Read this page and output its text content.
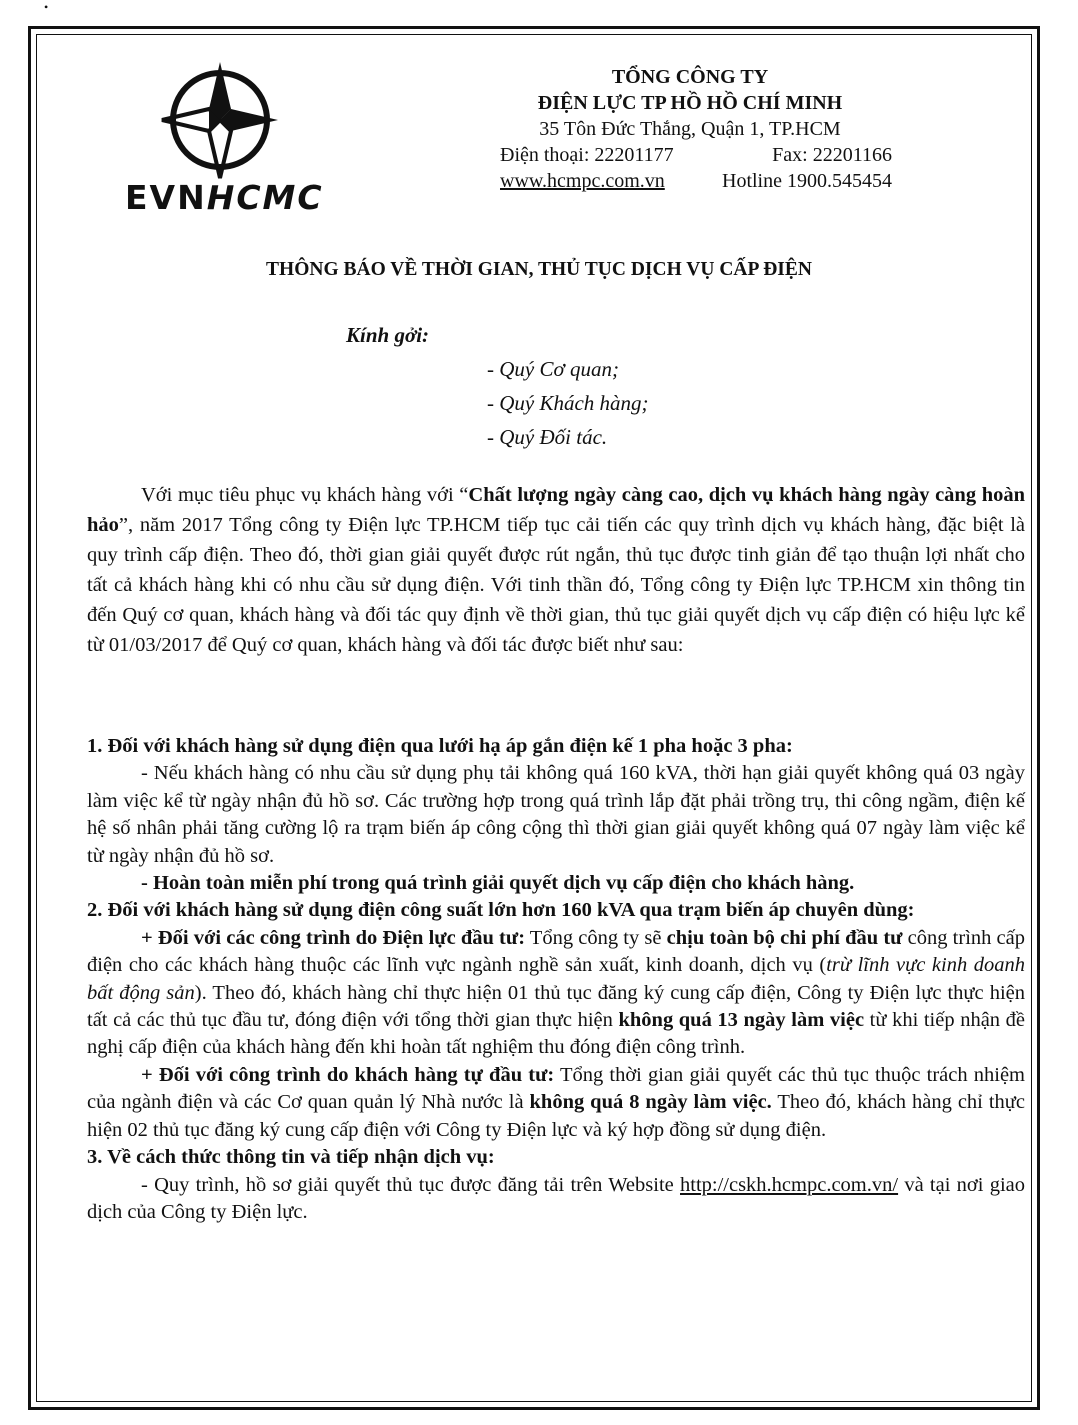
•
EVNHCMC
TỔNG CÔNG TY
ĐIỆN LỰC TP HỒ HỒ CHÍ MINH
35 Tôn Đức Thắng, Quận 1, TP.HCM
Điện thoại: 22201177	Fax: 22201166
www.hcmpc.com.vn	Hotline 1900.545454
THÔNG BÁO VỀ THỜI GIAN, THỦ TỤC DỊCH VỤ CẤP ĐIỆN
Kính gởi:
- Quý Cơ quan;
- Quý Khách hàng;
- Quý Đối tác.
Với mục tiêu phục vụ khách hàng với “Chất lượng ngày càng cao, dịch vụ khách hàng ngày càng hoàn hảo”, năm 2017 Tổng công ty Điện lực TP.HCM tiếp tục cải tiến các quy trình dịch vụ khách hàng, đặc biệt là quy trình cấp điện. Theo đó, thời gian giải quyết được rút ngắn, thủ tục được tinh giản để tạo thuận lợi nhất cho tất cả khách hàng khi có nhu cầu sử dụng điện. Với tinh thần đó, Tổng công ty Điện lực TP.HCM xin thông tin đến Quý cơ quan, khách hàng và đối tác quy định về thời gian, thủ tục giải quyết dịch vụ cấp điện có hiệu lực kể từ 01/03/2017 để Quý cơ quan, khách hàng và đối tác được biết như sau:

1. Đối với khách hàng sử dụng điện qua lưới hạ áp gắn điện kế 1 pha hoặc 3 pha:

- Nếu khách hàng có nhu cầu sử dụng phụ tải không quá 160 kVA, thời hạn giải quyết không quá 03 ngày làm việc kể từ ngày nhận đủ hồ sơ. Các trường hợp trong quá trình lắp đặt phải trồng trụ, thi công ngầm, điện kế hệ số nhân phải tăng cường lộ ra trạm biến áp công cộng thì thời gian giải quyết không quá 07 ngày làm việc kể từ ngày nhận đủ hồ sơ.

- Hoàn toàn miễn phí trong quá trình giải quyết dịch vụ cấp điện cho khách hàng.

2. Đối với khách hàng sử dụng điện công suất lớn hơn 160 kVA qua trạm biến áp chuyên dùng:

+ Đối với các công trình do Điện lực đầu tư: Tổng công ty sẽ chịu toàn bộ chi phí đầu tư công trình cấp điện cho các khách hàng thuộc các lĩnh vực ngành nghề sản xuất, kinh doanh, dịch vụ (trừ lĩnh vực kinh doanh bất động sản). Theo đó, khách hàng chỉ thực hiện 01 thủ tục đăng ký cung cấp điện, Công ty Điện lực thực hiện tất cả các thủ tục đầu tư, đóng điện với tổng thời gian thực hiện không quá 13 ngày làm việc từ khi tiếp nhận đề nghị cấp điện của khách hàng đến khi hoàn tất nghiệm thu đóng điện công trình.

+ Đối với công trình do khách hàng tự đầu tư: Tổng thời gian giải quyết các thủ tục thuộc trách nhiệm của ngành điện và các Cơ quan quản lý Nhà nước là không quá 8 ngày làm việc. Theo đó, khách hàng chỉ thực hiện 02 thủ tục đăng ký cung cấp điện với Công ty Điện lực và ký hợp đồng sử dụng điện.

3. Về cách thức thông tin và tiếp nhận dịch vụ:

- Quy trình, hồ sơ giải quyết thủ tục được đăng tải trên Website http://cskh.hcmpc.com.vn/ và tại nơi giao dịch của Công ty Điện lực.
